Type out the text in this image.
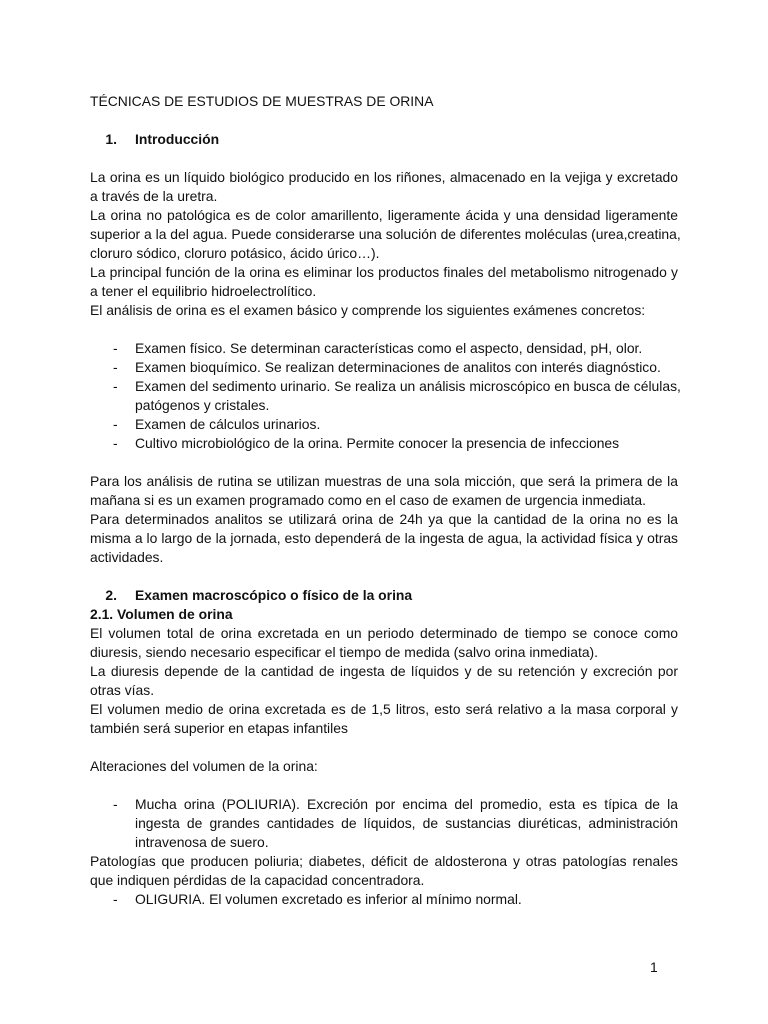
TÉCNICAS DE ESTUDIOS DE MUESTRAS DE ORINA
1.	Introducción
La orina es un líquido biológico producido en los riñones, almacenado en la vejiga y excretado
a través de la uretra.
La orina no patológica es de color amarillento, ligeramente ácida y una densidad ligeramente
superior a la del agua. Puede considerarse una solución de diferentes moléculas (urea,creatina,
cloruro sódico, cloruro potásico, ácido úrico…).
La principal función de la orina es eliminar los productos finales del metabolismo nitrogenado y
a tener el equilibrio hidroelectrolítico.
El análisis de orina es el examen básico y comprende los siguientes exámenes concretos:
-	Examen físico. Se determinan características como el aspecto, densidad, pH, olor.
-	Examen bioquímico. Se realizan determinaciones de analitos con interés diagnóstico.
-	Examen del sedimento urinario. Se realiza un análisis microscópico en busca de células,
patógenos y cristales.
-	Examen de cálculos urinarios.
-	Cultivo microbiológico de la orina. Permite conocer la presencia de infecciones
Para los análisis de rutina se utilizan muestras de una sola micción, que será la primera de la
mañana si es un examen programado como en el caso de examen de urgencia inmediata.
Para determinados analitos se utilizará orina de 24h ya que la cantidad de la orina no es la
misma a lo largo de la jornada, esto dependerá de la ingesta de agua, la actividad física y otras
actividades.
2.	Examen macroscópico o físico de la orina
2.1. Volumen de orina
El volumen total de orina excretada en un periodo determinado de tiempo se conoce como
diuresis, siendo necesario especificar el tiempo de medida (salvo orina inmediata).
La diuresis depende de la cantidad de ingesta de líquidos y de su retención y excreción por
otras vías.
El volumen medio de orina excretada es de 1,5 litros, esto será relativo a la masa corporal y
también será superior en etapas infantiles
Alteraciones del volumen de la orina:
-	Mucha orina (POLIURIA). Excreción por encima del promedio, esta es típica de la
ingesta de grandes cantidades de líquidos, de sustancias diuréticas, administración
intravenosa de suero.
Patologías que producen poliuria; diabetes, déficit de aldosterona y otras patologías renales
que indiquen pérdidas de la capacidad concentradora.
-	OLIGURIA. El volumen excretado es inferior al mínimo normal.
1
